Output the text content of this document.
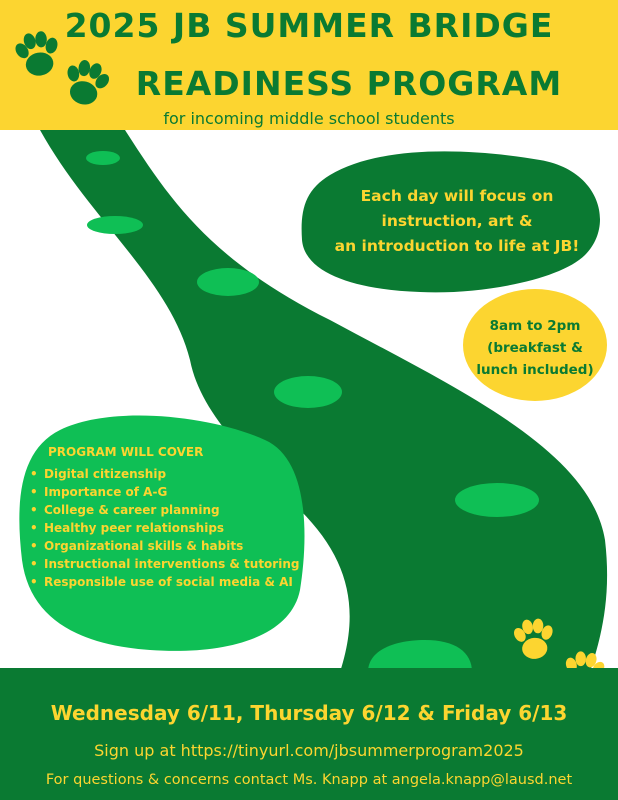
2025 JB SUMMER BRIDGE
READINESS PROGRAM

for incoming middle school students

Each day will focus on
instruction, art &
an introduction to life at JB!
8am to 2pm
(breakfast &
lunch included)

PROGRAM WILL COVER

• Digital citizenship
• Importance of A-G
• College & career planning
• Healthy peer relationships
• Organizational skills & habits
• Instructional interventions & tutoring
• Responsible use of social media & AI

Wednesday 6/11, Thursday 6/12 & Friday 6/13

Sign up at https://tinyurl.com/jbsummerprogram2025

For questions & concerns contact Ms. Knapp at angela.knapp@lausd.net
